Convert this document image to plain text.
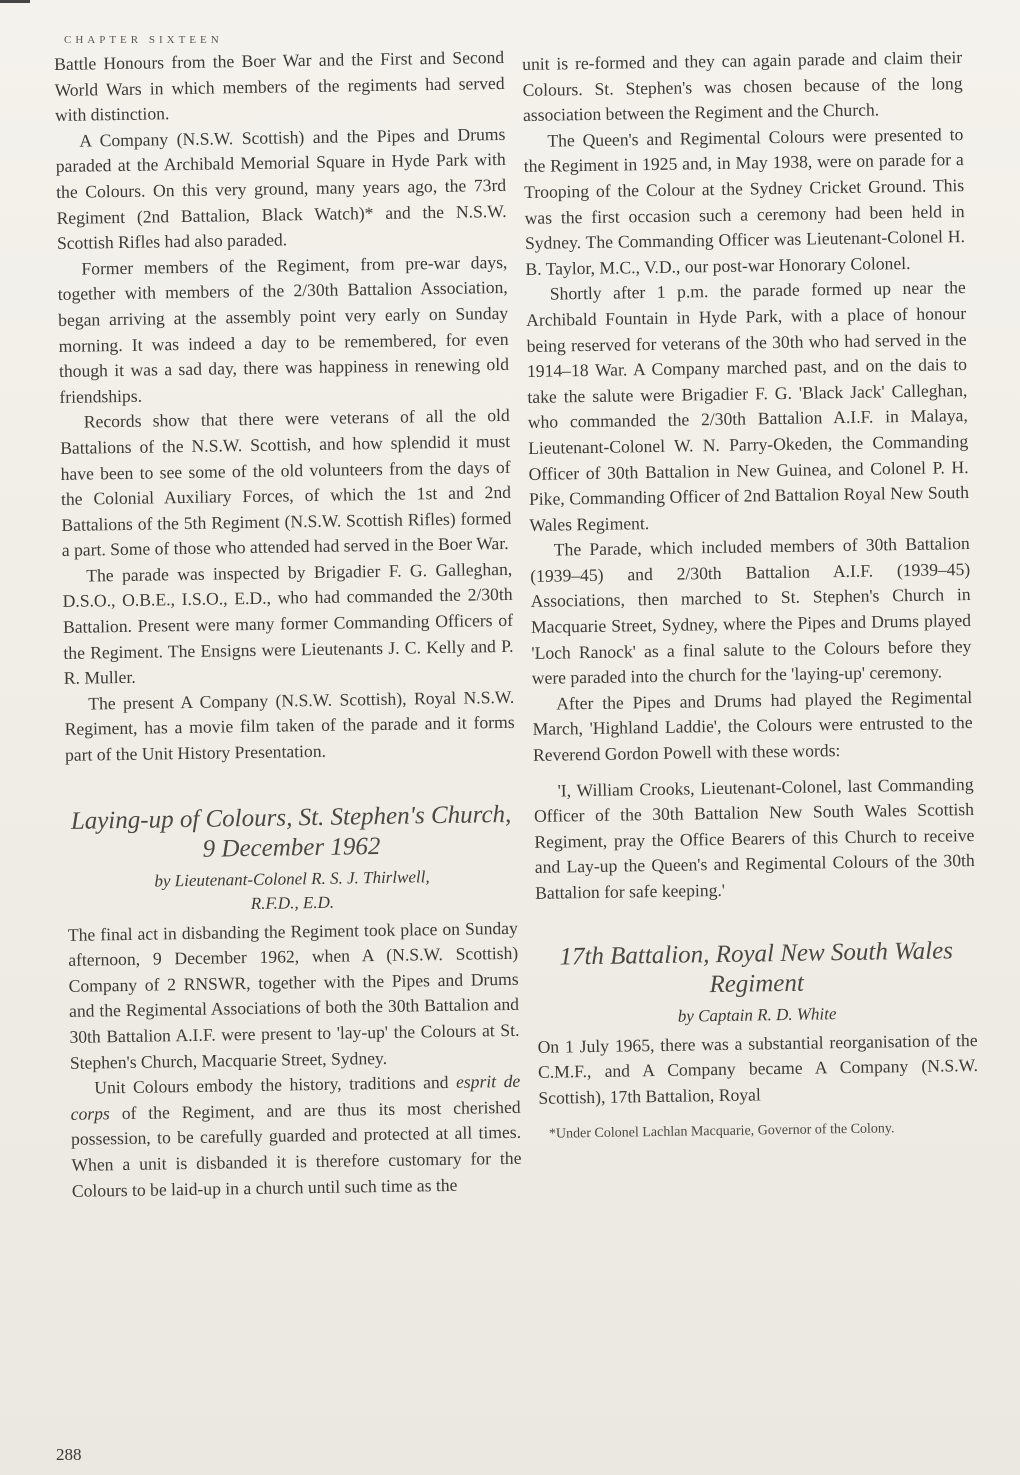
CHAPTER SIXTEEN

Battle Honours from the Boer War and the First and Second World Wars in which members of the regiments had served with distinction.

A Company (N.S.W. Scottish) and the Pipes and Drums paraded at the Archibald Memorial Square in Hyde Park with the Colours. On this very ground, many years ago, the 73rd Regiment (2nd Battalion, Black Watch)* and the N.S.W. Scottish Rifles had also paraded.

Former members of the Regiment, from pre-war days, together with members of the 2/30th Battalion Association, began arriving at the assembly point very early on Sunday morning. It was indeed a day to be remembered, for even though it was a sad day, there was happiness in renewing old friendships.

Records show that there were veterans of all the old Battalions of the N.S.W. Scottish, and how splendid it must have been to see some of the old volunteers from the days of the Colonial Auxiliary Forces, of which the 1st and 2nd Battalions of the 5th Regiment (N.S.W. Scottish Rifles) formed a part. Some of those who attended had served in the Boer War.

The parade was inspected by Brigadier F. G. Galleghan, D.S.O., O.B.E., I.S.O., E.D., who had commanded the 2/30th Battalion. Present were many former Commanding Officers of the Regiment. The Ensigns were Lieutenants J. C. Kelly and P. R. Muller.

The present A Company (N.S.W. Scottish), Royal N.S.W. Regiment, has a movie film taken of the parade and it forms part of the Unit History Presentation.

Laying-up of Colours, St. Stephen's Church, 9 December 1962
by Lieutenant-Colonel R. S. J. Thirlwell,
R.F.D., E.D.

The final act in disbanding the Regiment took place on Sunday afternoon, 9 December 1962, when A (N.S.W. Scottish) Company of 2 RNSWR, together with the Pipes and Drums and the Regimental Associations of both the 30th Battalion and 30th Battalion A.I.F. were present to 'lay-up' the Colours at St. Stephen's Church, Macquarie Street, Sydney.

Unit Colours embody the history, traditions and esprit de corps of the Regiment, and are thus its most cherished possession, to be carefully guarded and protected at all times. When a unit is disbanded it is therefore customary for the Colours to be laid-up in a church until such time as the

unit is re-formed and they can again parade and claim their Colours. St. Stephen's was chosen because of the long association between the Regiment and the Church.

The Queen's and Regimental Colours were presented to the Regiment in 1925 and, in May 1938, were on parade for a Trooping of the Colour at the Sydney Cricket Ground. This was the first occasion such a ceremony had been held in Sydney. The Commanding Officer was Lieutenant-Colonel H. B. Taylor, M.C., V.D., our post-war Honorary Colonel.

Shortly after 1 p.m. the parade formed up near the Archibald Fountain in Hyde Park, with a place of honour being reserved for veterans of the 30th who had served in the 1914–18 War. A Company marched past, and on the dais to take the salute were Brigadier F. G. 'Black Jack' Calleghan, who commanded the 2/30th Battalion A.I.F. in Malaya, Lieutenant-Colonel W. N. Parry-Okeden, the Commanding Officer of 30th Battalion in New Guinea, and Colonel P. H. Pike, Commanding Officer of 2nd Battalion Royal New South Wales Regiment.

The Parade, which included members of 30th Battalion (1939–45) and 2/30th Battalion A.I.F. (1939–45) Associations, then marched to St. Stephen's Church in Macquarie Street, Sydney, where the Pipes and Drums played 'Loch Ranock' as a final salute to the Colours before they were paraded into the church for the 'laying-up' ceremony.

After the Pipes and Drums had played the Regimental March, 'Highland Laddie', the Colours were entrusted to the Reverend Gordon Powell with these words:

'I, William Crooks, Lieutenant-Colonel, last Commanding Officer of the 30th Battalion New South Wales Scottish Regiment, pray the Office Bearers of this Church to receive and Lay-up the Queen's and Regimental Colours of the 30th Battalion for safe keeping.'

17th Battalion, Royal New South Wales Regiment
by Captain R. D. White

On 1 July 1965, there was a substantial reorganisation of the C.M.F., and A Company became A Company (N.S.W. Scottish), 17th Battalion, Royal

*Under Colonel Lachlan Macquarie, Governor of the Colony.

288
